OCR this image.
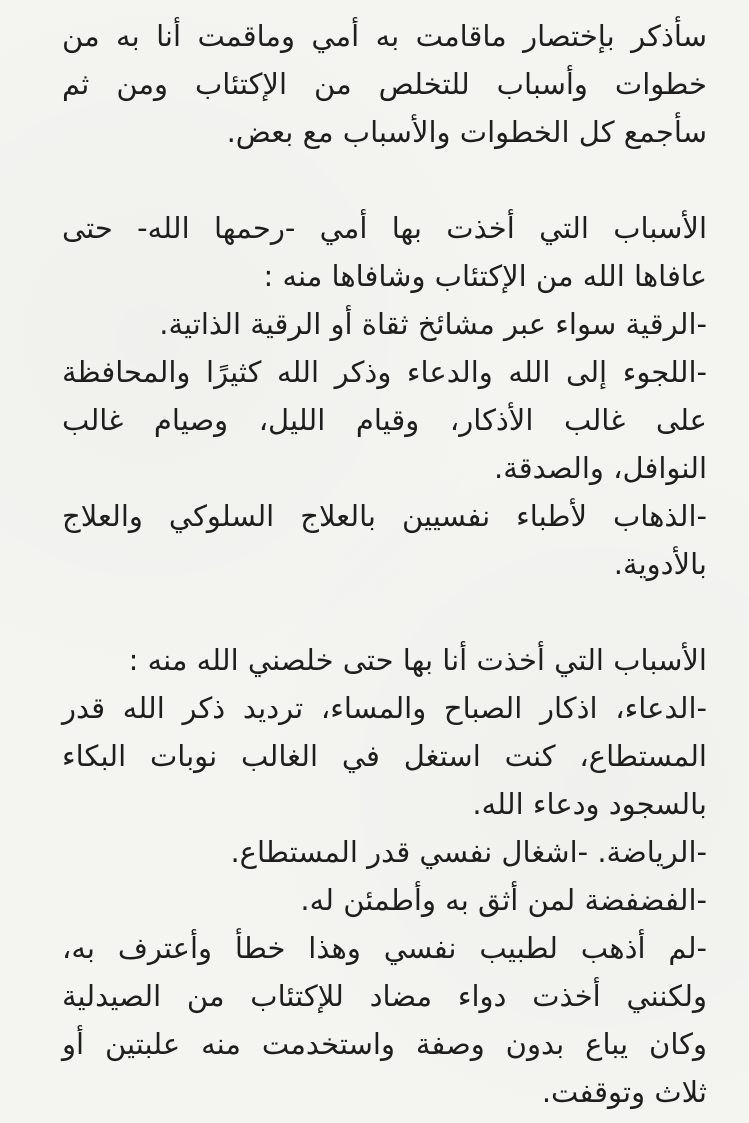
سأذكر بإختصار ماقامت به أمي وماقمت أنا به من
خطوات وأسباب للتخلص من الإكتئاب ومن ثم
سأجمع كل الخطوات والأسباب مع بعض.
الأسباب التي أخذت بها أمي -رحمها الله- حتى
عافاها الله من الإكتئاب وشافاها منه :
-الرقية سواء عبر مشائخ ثقاة أو الرقية الذاتية.
-اللجوء إلى الله والدعاء وذكر الله كثيرًا والمحافظة
على غالب الأذكار، وقيام الليل، وصيام غالب
النوافل، والصدقة.
-الذهاب لأطباء نفسيين بالعلاج السلوكي والعلاج
بالأدوية.
الأسباب التي أخذت أنا بها حتى خلصني الله منه :
-الدعاء، اذكار الصباح والمساء، ترديد ذكر الله قدر
المستطاع، كنت استغل في الغالب نوبات البكاء
بالسجود ودعاء الله.
-الرياضة. -اشغال نفسي قدر المستطاع.
-الفضفضة لمن أثق به وأطمئن له.
-لم أذهب لطبيب نفسي وهذا خطأ وأعترف به،
ولكنني أخذت دواء مضاد للإكتئاب من الصيدلية
وكان يباع بدون وصفة واستخدمت منه علبتين أو
ثلاث وتوقفت.
